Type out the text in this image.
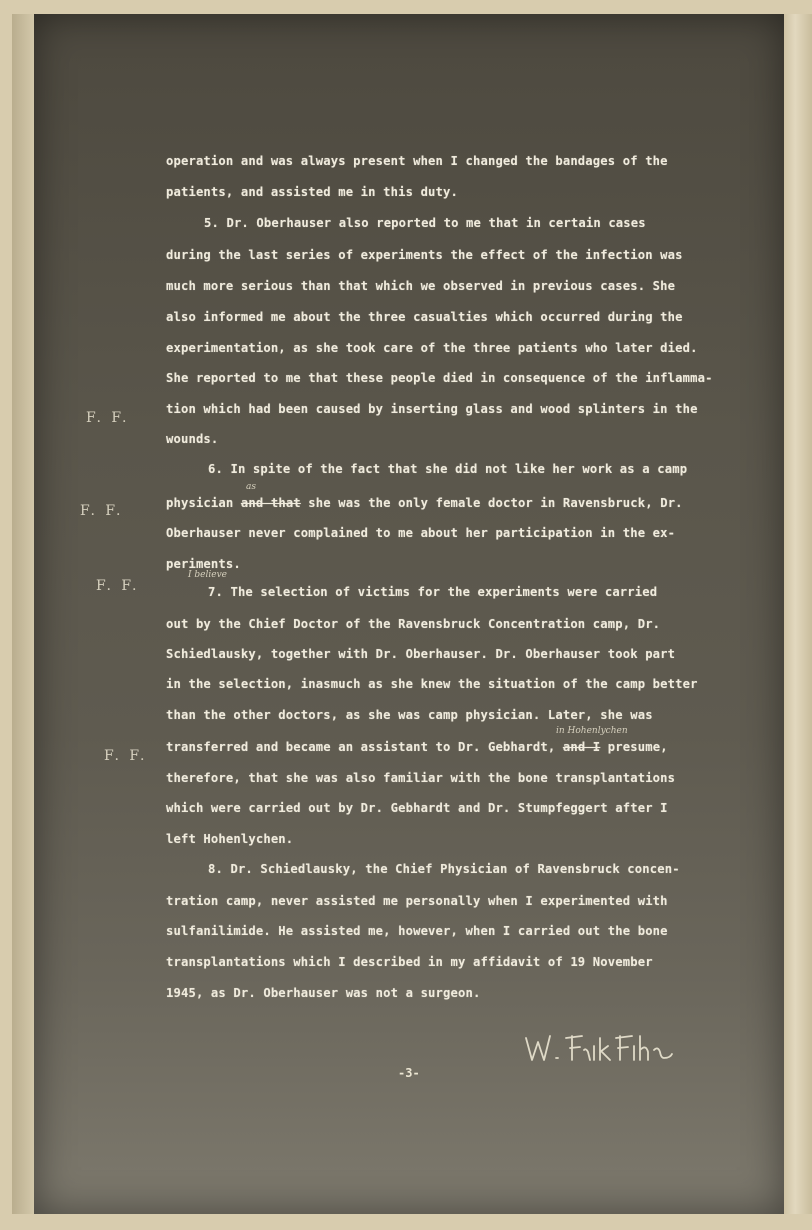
operation and was always present when I changed the bandages of the
patients, and assisted me in this duty.
5. Dr. Oberhauser also reported to me that in certain cases
during the last series of experiments the effect of the infection was
much more serious than that which we observed in previous cases. She
also informed me about the three casualties which occurred during the
experimentation, as she took care of the three patients who later died.
She reported to me that these people died in consequence of the inflamma-
tion which had been caused by inserting glass and wood splinters in the
wounds.
6. In spite of the fact that she did not like her work as a camp
as
physician and that she was the only female doctor in Ravensbruck, Dr.
Oberhauser never complained to me about her participation in the ex-
periments.
I believe
7. The selection of victims for the experiments were carried
out by the Chief Doctor of the Ravensbruck Concentration camp, Dr.
Schiedlausky, together with Dr. Oberhauser. Dr. Oberhauser took part
in the selection, inasmuch as she knew the situation of the camp better
than the other doctors, as she was camp physician. Later, she was
in Hohenlychen
transferred and became an assistant to Dr. Gebhardt, and I presume,
therefore, that she was also familiar with the bone transplantations
which were carried out by Dr. Gebhardt and Dr. Stumpfeggert after I
left Hohenlychen.
8. Dr. Schiedlausky, the Chief Physician of Ravensbruck concen-
tration camp, never assisted me personally when I experimented with
sulfanilimide. He assisted me, however, when I carried out the bone
transplantations which I described in my affidavit of 19 November
1945, as Dr. Oberhauser was not a surgeon.
F. F.
F. F.
F. F.
F. F.
-3-
